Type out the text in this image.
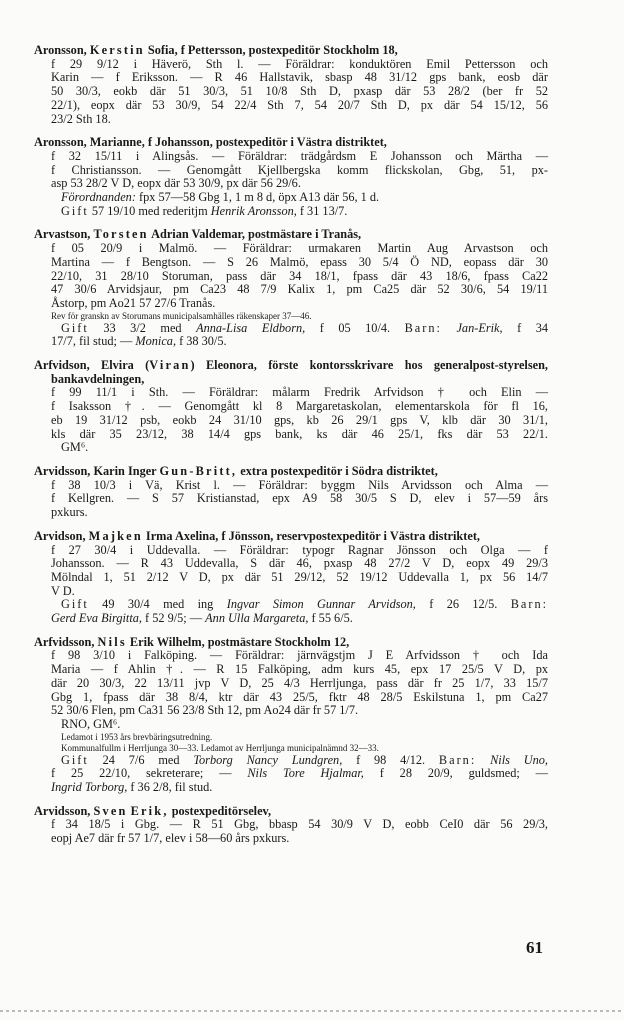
Aronsson, Kerstin Sofia, f Pettersson, postexpeditör Stockholm 18,
f 29 9/12 i Häverö, Sth l. — Föräldrar: konduktören Emil Pettersson och
Karin — f Eriksson. — R 46 Hallstavik, sbasp 48 31/12 gps bank, eosb där
50 30/3, eokb där 51 30/3, 51 10/8 Sth D, pxasp där 53 28/2 (ber fr 52
22/1), eopx där 53 30/9, 54 22/4 Sth 7, 54 20/7 Sth D, px där 54 15/12, 56
23/2 Sth 18.
Aronsson, Marianne, f Johansson, postexpeditör i Västra distriktet,
f 32 15/11 i Alingsås. — Föräldrar: trädgårdsm E Johansson och Märtha —
f Christiansson. — Genomgått Kjellbergska komm flickskolan, Gbg, 51, px-
asp 53 28/2 V D, eopx där 53 30/9, px där 56 29/6.
Förordnanden: fpx 57—58 Gbg 1, 1 m 8 d, öpx A13 där 56, 1 d.
Gift 57 19/10 med rederitjm Henrik Aronsson, f 31 13/7.
Arvastson, Torsten Adrian Valdemar, postmästare i Tranås,
f 05 20/9 i Malmö. — Föräldrar: urmakaren Martin Aug Arvastson och
Martina — f Bengtson. — S 26 Malmö, epass 30 5/4 Ö ND, eopass där 30
22/10, 31 28/10 Storuman, pass där 34 18/1, fpass där 43 18/6, fpass Ca22
47 30/6 Arvidsjaur, pm Ca23 48 7/9 Kalix 1, pm Ca25 där 52 30/6, 54 19/11
Åstorp, pm Ao21 57 27/6 Tranås.
Rev för granskn av Storumans municipalsamhälles räkenskaper 37—46.
Gift 33 3/2 med Anna-Lisa Eldborn, f 05 10/4. Barn: Jan-Erik, f 34
17/7, fil stud; — Monica, f 38 30/5.
Arfvidson, Elvira (Viran) Eleonora, förste kontorsskrivare hos generalpost-styrelsen, bankavdelningen,
f 99 11/1 i Sth. — Föräldrar: målarm Fredrik Arfvidson † och Elin —
f Isaksson †. — Genomgått kl 8 Margaretaskolan, elementarskola för fl 16,
eb 19 31/12 psb, eokb 24 31/10 gps, kb 26 29/1 gps V, klb där 30 31/1,
kls där 35 23/12, 38 14/4 gps bank, ks där 46 25/1, fks där 53 22/1.
GM⁶.
Arvidsson, Karin Inger Gun-Britt, extra postexpeditör i Södra distriktet,
f 38 10/3 i Vä, Krist l. — Föräldrar: byggm Nils Arvidsson och Alma —
f Kellgren. — S 57 Kristianstad, epx A9 58 30/5 S D, elev i 57—59 års
pxkurs.
Arvidson, Majken Irma Axelina, f Jönsson, reservpostexpeditör i Västra distriktet,
f 27 30/4 i Uddevalla. — Föräldrar: typogr Ragnar Jönsson och Olga — f
Johansson. — R 43 Uddevalla, S där 46, pxasp 48 27/2 V D, eopx 49 29/3
Mölndal 1, 51 2/12 V D, px där 51 29/12, 52 19/12 Uddevalla 1, px 56 14/7
V D.
Gift 49 30/4 med ing Ingvar Simon Gunnar Arvidson, f 26 12/5. Barn:
Gerd Eva Birgitta, f 52 9/5; — Ann Ulla Margareta, f 55 6/5.
Arfvidsson, Nils Erik Wilhelm, postmästare Stockholm 12,
f 98 3/10 i Falköping. — Föräldrar: järnvägstjm J E Arfvidsson † och Ida
Maria — f Ahlin †. — R 15 Falköping, adm kurs 45, epx 17 25/5 V D, px
där 20 30/3, 22 13/11 jvp V D, 25 4/3 Herrljunga, pass där fr 25 1/7, 33 15/7
Gbg 1, fpass där 38 8/4, ktr där 43 25/5, fktr 48 28/5 Eskilstuna 1, pm Ca27
52 30/6 Flen, pm Ca31 56 23/8 Sth 12, pm Ao24 där fr 57 1/7.
RNO, GM⁶.
Ledamot i 1953 års brevbäringsutredning.
Kommunalfullm i Herrljunga 30—33. Ledamot av Herrljunga municipalnämnd 32—33.
Gift 24 7/6 med Torborg Nancy Lundgren, f 98 4/12. Barn: Nils Uno,
f 25 22/10, sekreterare; — Nils Tore Hjalmar, f 28 20/9, guldsmed; —
Ingrid Torborg, f 36 2/8, fil stud.
Arvidsson, Sven Erik, postexpeditörselev,
f 34 18/5 i Gbg. — R 51 Gbg, bbasp 54 30/9 V D, eobb CeI0 där 56 29/3,
eopj Ae7 där fr 57 1/7, elev i 58—60 års pxkurs.
61
